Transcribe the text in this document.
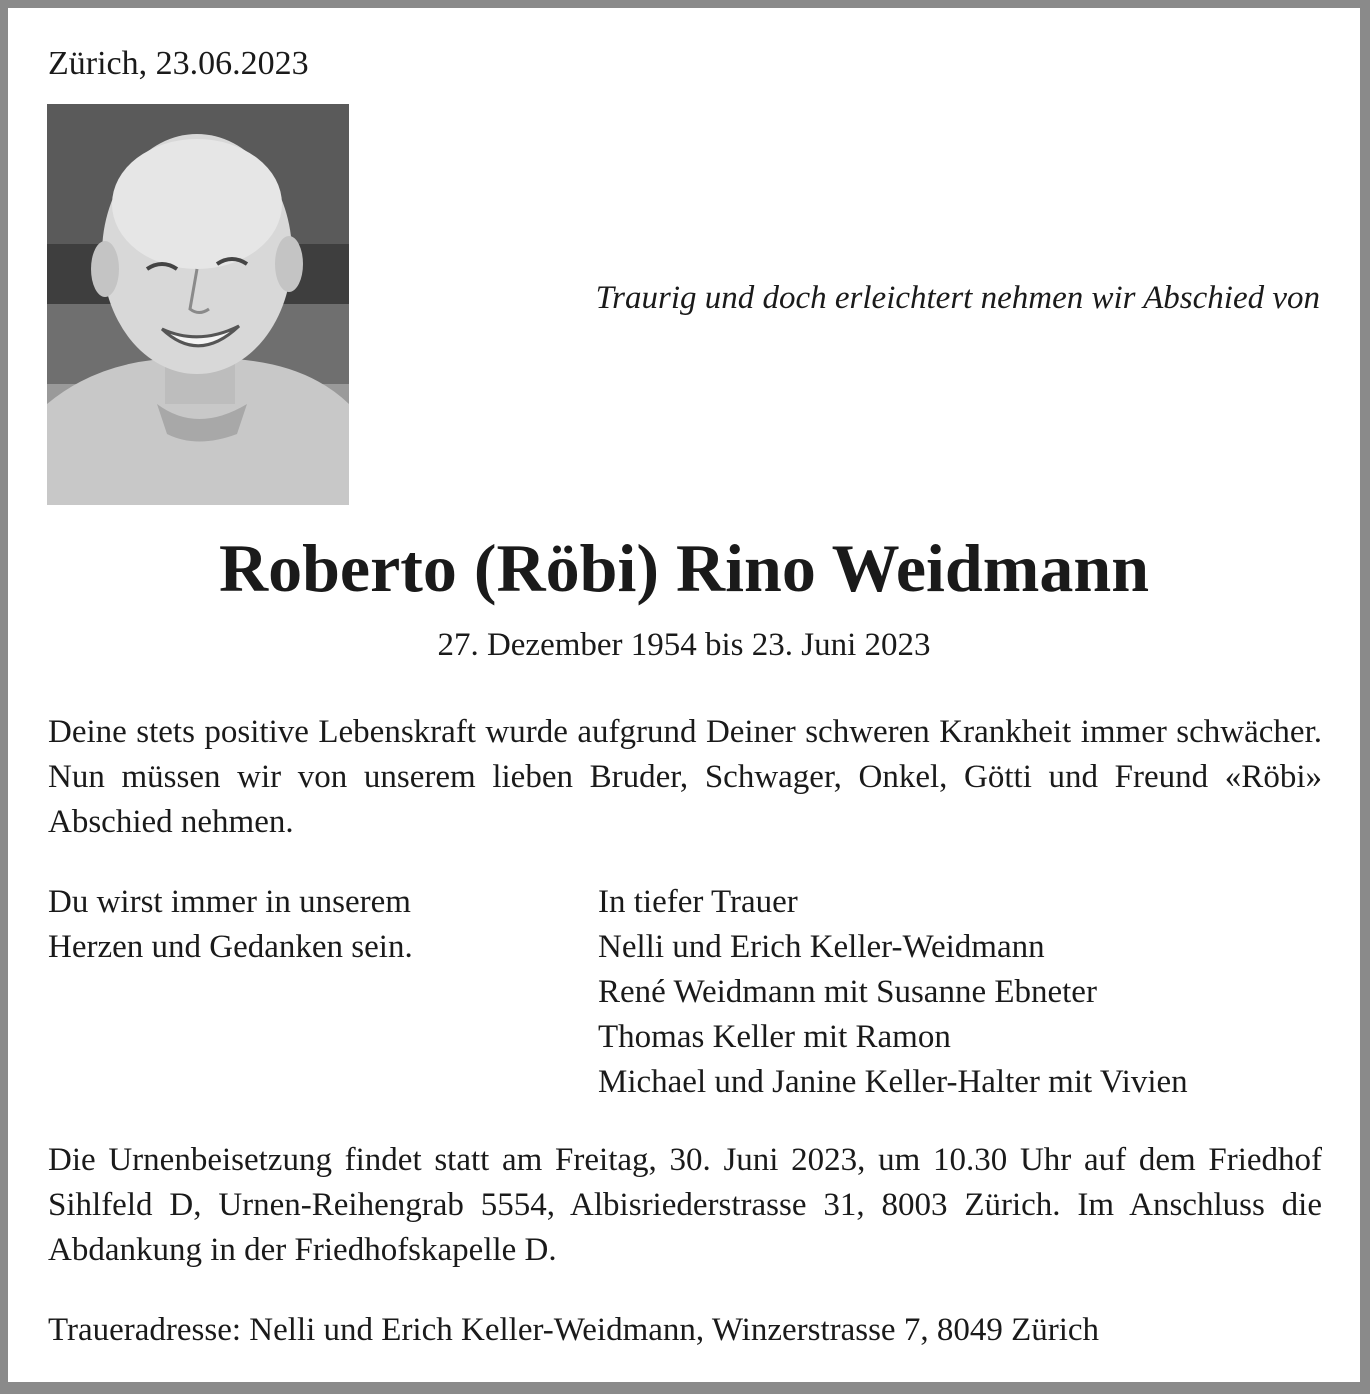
Zürich, 23.06.2023
Traurig und doch erleichtert nehmen wir Abschied von
Roberto (Röbi) Rino Weidmann
27. Dezember 1954 bis 23. Juni 2023
Deine stets positive Lebenskraft wurde aufgrund Deiner schweren Krankheit immer schwächer. Nun müssen wir von unserem lieben Bruder, Schwager, Onkel, Götti und Freund «Röbi» Abschied nehmen.
Du wirst immer in unserem
Herzen und Gedanken sein.
In tiefer Trauer
Nelli und Erich Keller-Weidmann
René Weidmann mit Susanne Ebneter
Thomas Keller mit Ramon
Michael und Janine Keller-Halter mit Vivien
Die Urnenbeisetzung findet statt am Freitag, 30. Juni 2023, um 10.30 Uhr auf dem Friedhof Sihlfeld D, Urnen-Reihengrab 5554, Albisriederstrasse 31, 8003 Zürich. Im Anschluss die Abdankung in der Friedhofskapelle D.
Traueradresse: Nelli und Erich Keller-Weidmann, Winzerstrasse 7, 8049 Zürich
